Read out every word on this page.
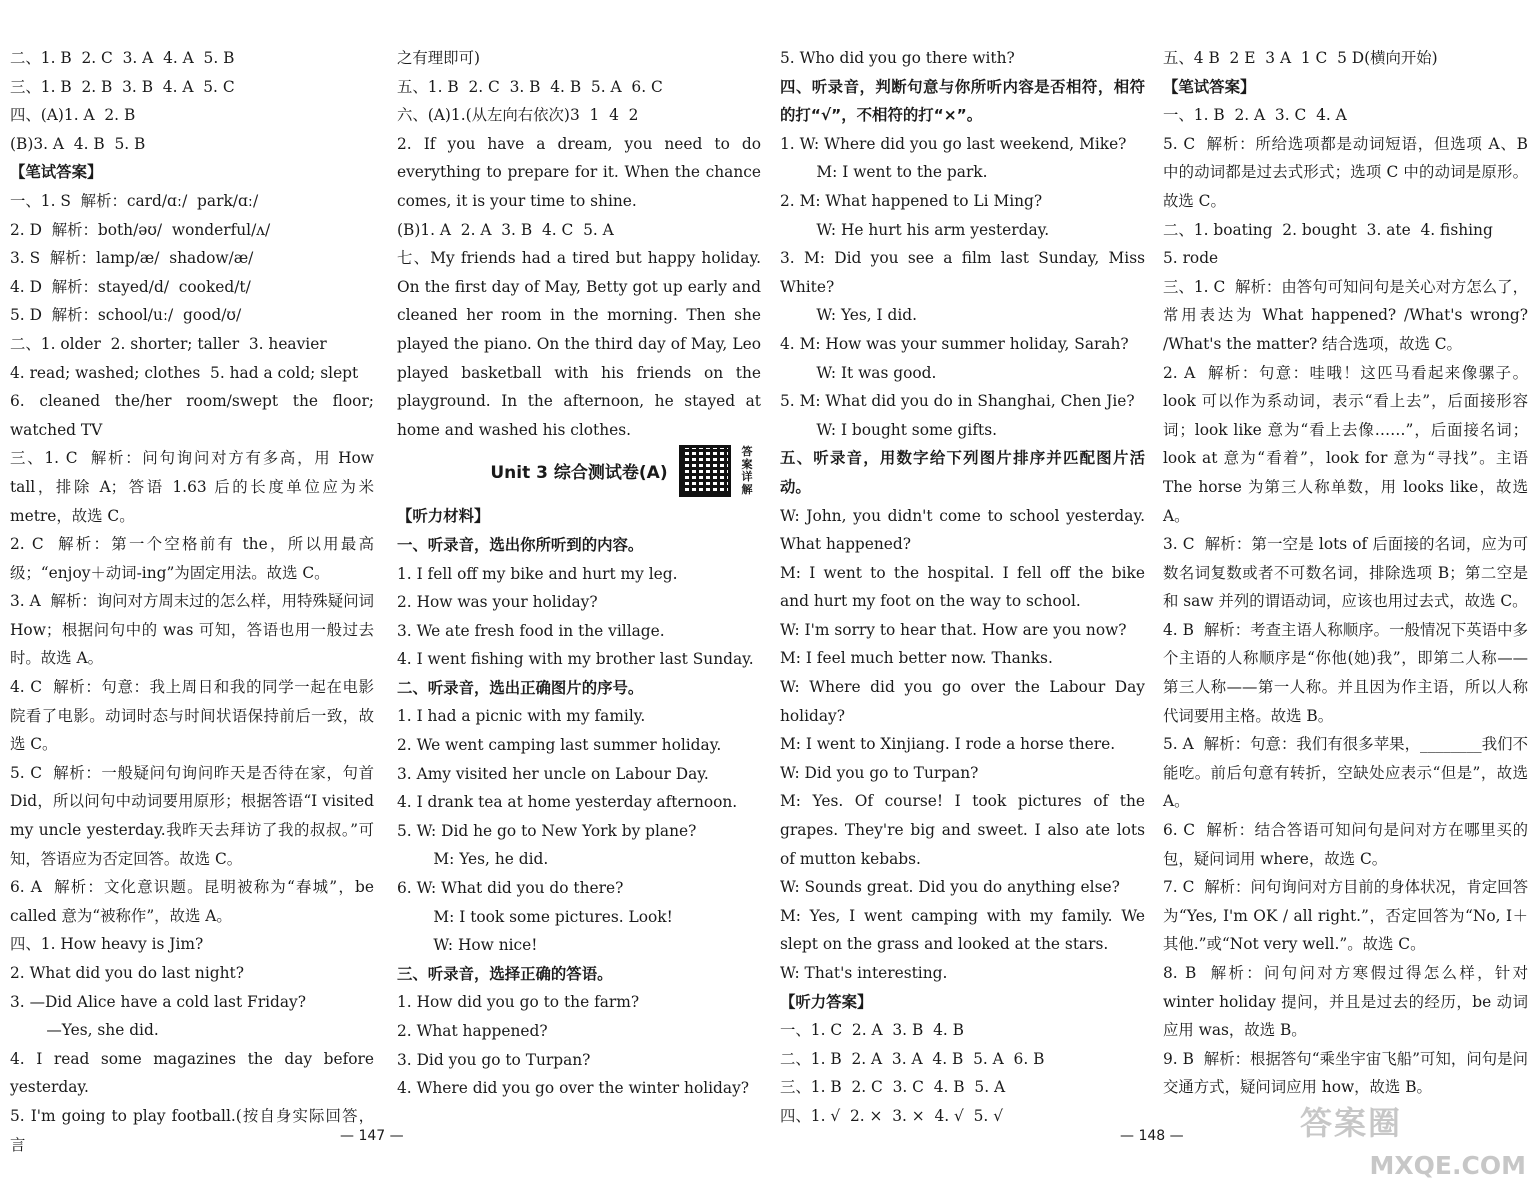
二、1. B  2. C  3. A  4. A  5. B

三、1. B  2. B  3. B  4. A  5. C

四、(A)1. A  2. B

(B)3. A  4. B  5. B

【笔试答案】

一、1. S  解析：card/ɑː/  park/ɑː/

2. D  解析：both/əʊ/  wonderful/ʌ/

3. S  解析：lamp/æ/  shadow/æ/

4. D  解析：stayed/d/  cooked/t/

5. D  解析：school/uː/  good/ʊ/

二、1. older  2. shorter; taller  3. heavier

4. read; washed; clothes  5. had a cold; slept

6. cleaned the/her room/swept the floor; watched TV

三、1. C  解析：问句询问对方有多高，用 How tall，排除 A；答语 1.63 后的长度单位应为米 metre，故选 C。

2. C  解析：第一个空格前有 the，所以用最高级；“enjoy＋动词-ing”为固定用法。故选 C。

3. A  解析：询问对方周末过的怎么样，用特殊疑问词 How；根据问句中的 was 可知，答语也用一般过去时。故选 A。

4. C  解析：句意：我上周日和我的同学一起在电影院看了电影。动词时态与时间状语保持前后一致，故选 C。

5. C  解析：一般疑问句询问昨天是否待在家，句首 Did，所以问句中动词要用原形；根据答语“I visited my uncle yesterday.我昨天去拜访了我的叔叔。”可知，答语应为否定回答。故选 C。

6. A  解析：文化意识题。昆明被称为“春城”，be called 意为“被称作”，故选 A。

四、1. How heavy is Jim?

2. What did you do last night?

3. —Did Alice have a cold last Friday?

　—Yes, she did.

4. I read some magazines the day before yesterday.

5. I'm going to play football.(按自身实际回答，言

之有理即可)

五、1. B  2. C  3. B  4. B  5. A  6. C

六、(A)1.(从左向右依次)3  1  4  2

2. If you have a dream, you need to do everything to prepare for it. When the chance comes, it is your time to shine.

(B)1. A  2. A  3. B  4. C  5. A

七、My friends had a tired but happy holiday. On the first day of May, Betty got up early and cleaned her room in the morning. Then she played the piano. On the third day of May, Leo played basketball with his friends on the playground. In the afternoon, he stayed at home and washed his clothes.

Unit 3 综合测试卷(A)
答案详解

【听力材料】

一、听录音，选出你所听到的内容。

1. I fell off my bike and hurt my leg.

2. How was your holiday?

3. We ate fresh food in the village.

4. I went fishing with my brother last Sunday.

二、听录音，选出正确图片的序号。

1. I had a picnic with my family.

2. We went camping last summer holiday.

3. Amy visited her uncle on Labour Day.

4. I drank tea at home yesterday afternoon.

5. W: Did he go to New York by plane?

　M: Yes, he did.

6. W: What did you do there?

　M: I took some pictures. Look!

　W: How nice!

三、听录音，选择正确的答语。

1. How did you go to the farm?

2. What happened?

3. Did you go to Turpan?

4. Where did you go over the winter holiday?

5. Who did you go there with?

四、听录音，判断句意与你所听内容是否相符，相符的打“√”，不相符的打“×”。

1. W: Where did you go last weekend, Mike?

　M: I went to the park.

2. M: What happened to Li Ming?

　W: He hurt his arm yesterday.

3. M: Did you see a film last Sunday, Miss White?

　W: Yes, I did.

4. M: How was your summer holiday, Sarah?

　W: It was good.

5. M: What did you do in Shanghai, Chen Jie?

　W: I bought some gifts.

五、听录音，用数字给下列图片排序并匹配图片活动。

W: John, you didn't come to school yesterday. What happened?

M: I went to the hospital. I fell off the bike and hurt my foot on the way to school.

W: I'm sorry to hear that. How are you now?

M: I feel much better now. Thanks.

W: Where did you go over the Labour Day holiday?

M: I went to Xinjiang. I rode a horse there.

W: Did you go to Turpan?

M: Yes. Of course! I took pictures of the grapes. They're big and sweet. I also ate lots of mutton kebabs.

W: Sounds great. Did you do anything else?

M: Yes, I went camping with my family. We slept on the grass and looked at the stars.

W: That's interesting.

【听力答案】

一、1. C  2. A  3. B  4. B

二、1. B  2. A  3. A  4. B  5. A  6. B

三、1. B  2. C  3. C  4. B  5. A

四、1. √  2. ×  3. ×  4. √  5. √

五、4 B  2 E  3 A  1 C  5 D(横向开始)

【笔试答案】

一、1. B  2. A  3. C  4. A

5. C  解析：所给选项都是动词短语，但选项 A、B 中的动词都是过去式形式；选项 C 中的动词是原形。故选 C。

二、1. boating  2. bought  3. ate  4. fishing

5. rode

三、1. C  解析：由答句可知问句是关心对方怎么了，常用表达为 What happened? /What's wrong? /What's the matter? 结合选项，故选 C。

2. A  解析：句意：哇哦！这匹马看起来像骡子。look 可以作为系动词，表示“看上去”，后面接形容词；look like 意为“看上去像……”，后面接名词；look at 意为“看着”，look for 意为“寻找”。主语 The horse 为第三人称单数，用 looks like，故选 A。

3. C  解析：第一空是 lots of 后面接的名词，应为可数名词复数或者不可数名词，排除选项 B；第二空是和 saw 并列的谓语动词，应该也用过去式，故选 C。

4. B  解析：考查主语人称顺序。一般情况下英语中多个主语的人称顺序是“你他(她)我”，即第二人称——第三人称——第一人称。并且因为作主语，所以人称代词要用主格。故选 B。

5. A  解析：句意：我们有很多苹果，________我们不能吃。前后句意有转折，空缺处应表示“但是”，故选 A。

6. C  解析：结合答语可知问句是问对方在哪里买的包，疑问词用 where，故选 C。

7. C  解析：问句询问对方目前的身体状况，肯定回答为“Yes, I'm OK / all right.”，否定回答为“No, I＋其他.”或“Not very well.”。故选 C。

8. B  解析：问句问对方寒假过得怎么样，针对 winter holiday 提问，并且是过去的经历，be 动词应用 was，故选 B。

9. B  解析：根据答句“乘坐宇宙飞船”可知，问句是问交通方式，疑问词应用 how，故选 B。

— 147 —	— 148 —	答案圈
MXQE.COM
